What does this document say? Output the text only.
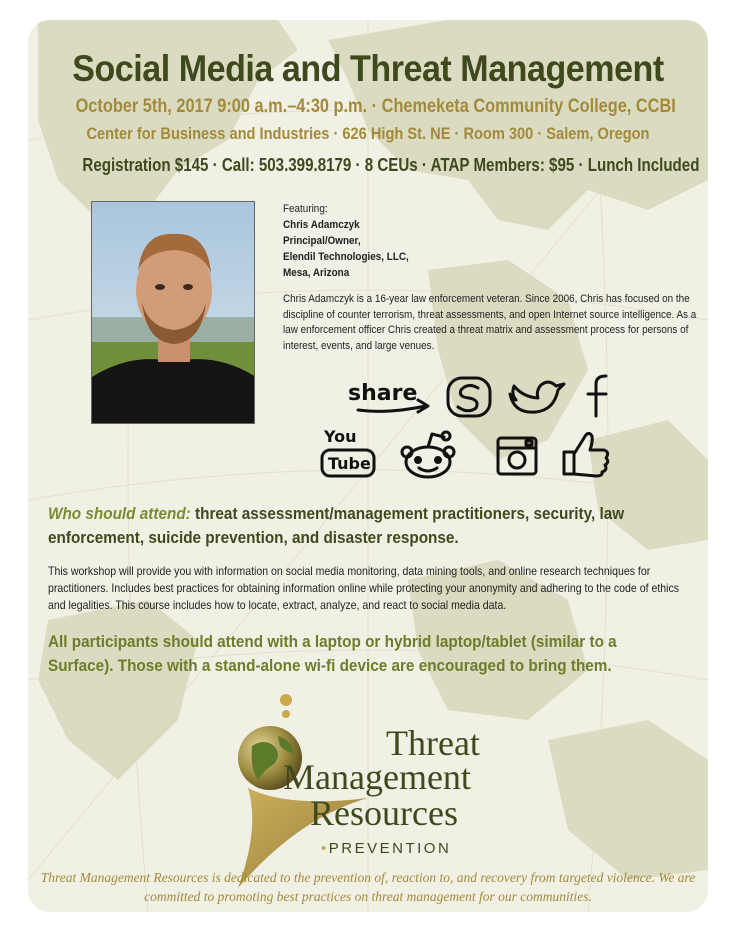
Social Media and Threat Management
October 5th, 2017 9:00 a.m.–4:30 p.m. · Chemeketa Community College, CCBI
Center for Business and Industries · 626 High St. NE · Room 300 · Salem, Oregon
Registration $145 · Call: 503.399.8179 · 8 CEUs · ATAP Members: $95 · Lunch Included
Featuring:
Chris Adamczyk
Principal/Owner,
Elendil Technologies, LLC,
Mesa, Arizona
Chris Adamczyk is a 16-year law enforcement veteran. Since 2006, Chris has focused on the discipline of counter terrorism, threat assessments, and open Internet source intelligence. As a law enforcement officer Chris created a threat matrix and assessment process for persons of interest, events, and large venues.
share
You
Tube
Who should attend: threat assessment/management practitioners, security, law enforcement, suicide prevention, and disaster response.
This workshop will provide you with information on social media monitoring, data mining tools, and online research techniques for practitioners. Includes best practices for obtaining information online while protecting your anonymity and adhering to the code of ethics and legalities. This course includes how to locate, extract, analyze, and react to social media data.
All participants should attend with a laptop or hybrid laptop/tablet (similar to a Surface). Those with a stand-alone wi-fi device are encouraged to bring them.
Threat
Management
Resources
•PREVENTION
Threat Management Resources is dedicated to the prevention of, reaction to, and recovery from targeted violence. We are committed to promoting best practices on threat management for our communities.
